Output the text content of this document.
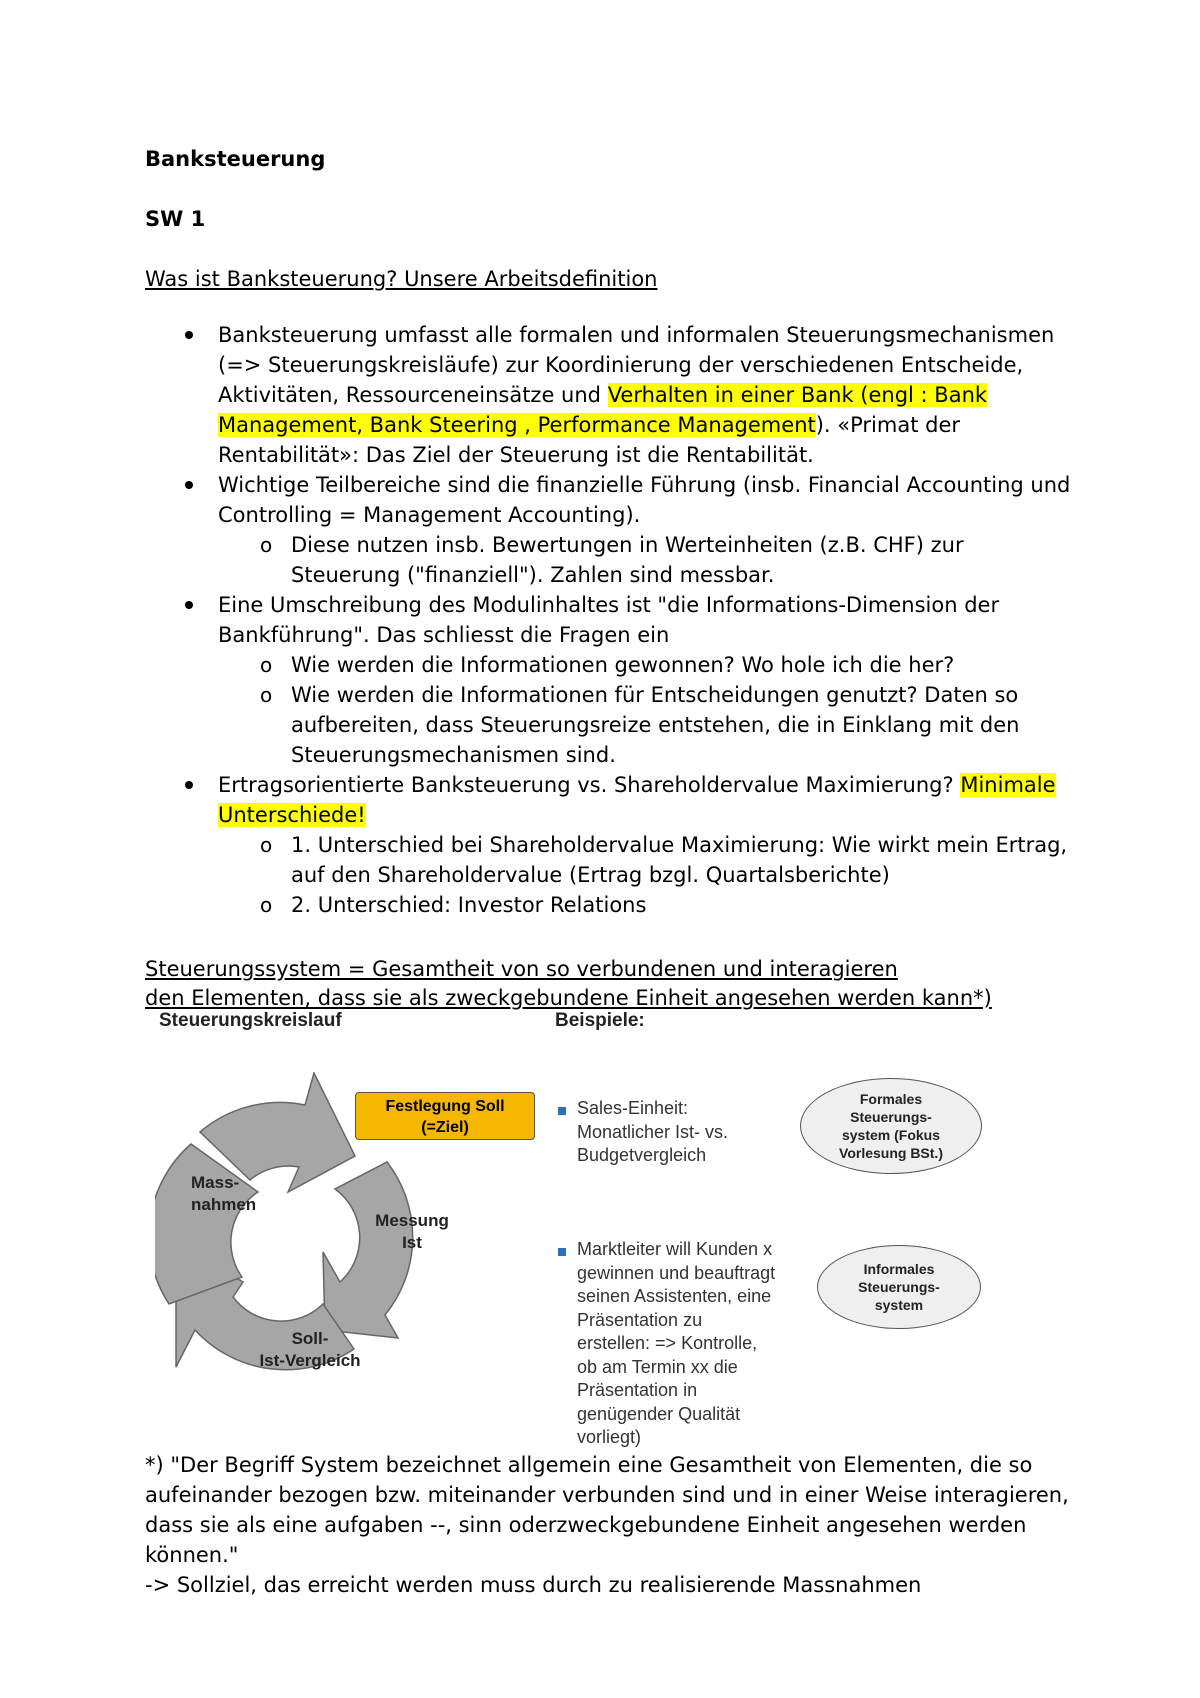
Banksteuerung
SW 1
Was ist Banksteuerung? Unsere Arbeitsdefinition
Banksteuerung umfasst alle formalen und informalen Steuerungsmechanismen (=> Steuerungskreisläufe) zur Koordinierung der verschiedenen Entscheide, Aktivitäten, Ressourceneinsätze und Verhalten in einer Bank (engl : Bank Management, Bank Steering , Performance Management). «Primat der Rentabilität»: Das Ziel der Steuerung ist die Rentabilität.
Wichtige Teilbereiche sind die finanzielle Führung (insb. Financial Accounting und Controlling = Management Accounting).
o Diese nutzen insb. Bewertungen in Werteinheiten (z.B. CHF) zur Steuerung ("finanziell"). Zahlen sind messbar.
Eine Umschreibung des Modulinhaltes ist "die Informations-Dimension der Bankführung". Das schliesst die Fragen ein
o Wie werden die Informationen gewonnen? Wo hole ich die her?
o Wie werden die Informationen für Entscheidungen genutzt? Daten so aufbereiten, dass Steuerungsreize entstehen, die in Einklang mit den Steuerungsmechanismen sind.
Ertragsorientierte Banksteuerung vs. Shareholdervalue Maximierung? Minimale Unterschiede!
o 1. Unterschied bei Shareholdervalue Maximierung: Wie wirkt mein Ertrag, auf den Shareholdervalue (Ertrag bzgl. Quartalsberichte)
o 2. Unterschied: Investor Relations
Steuerungssystem = Gesamtheit von so verbundenen und interagieren
den Elementen, dass sie als zweckgebundene Einheit angesehen werden kann*)
Steuerungskreislauf	Beispiele:
Festlegung Soll
(=Ziel)
Mass-
nahmen
Messung
Ist
Soll-
Ist-Vergleich
Sales-Einheit:
Monatlicher Ist- vs.
Budgetvergleich
Marktleiter will Kunden x
gewinnen und beauftragt
seinen Assistenten, eine
Präsentation zu
erstellen: => Kontrolle,
ob am Termin xx die
Präsentation in
genügender Qualität
vorliegt)
Formales
Steuerungs-
system (Fokus
Vorlesung BSt.)
Informales
Steuerungs-
system
*) "Der Begriff System bezeichnet allgemein eine Gesamtheit von Elementen, die so aufeinander bezogen bzw. miteinander verbunden sind und in einer Weise interagieren, dass sie als eine aufgaben --, sinn oderzweckgebundene Einheit angesehen werden können."
-> Sollziel, das erreicht werden muss durch zu realisierende Massnahmen
